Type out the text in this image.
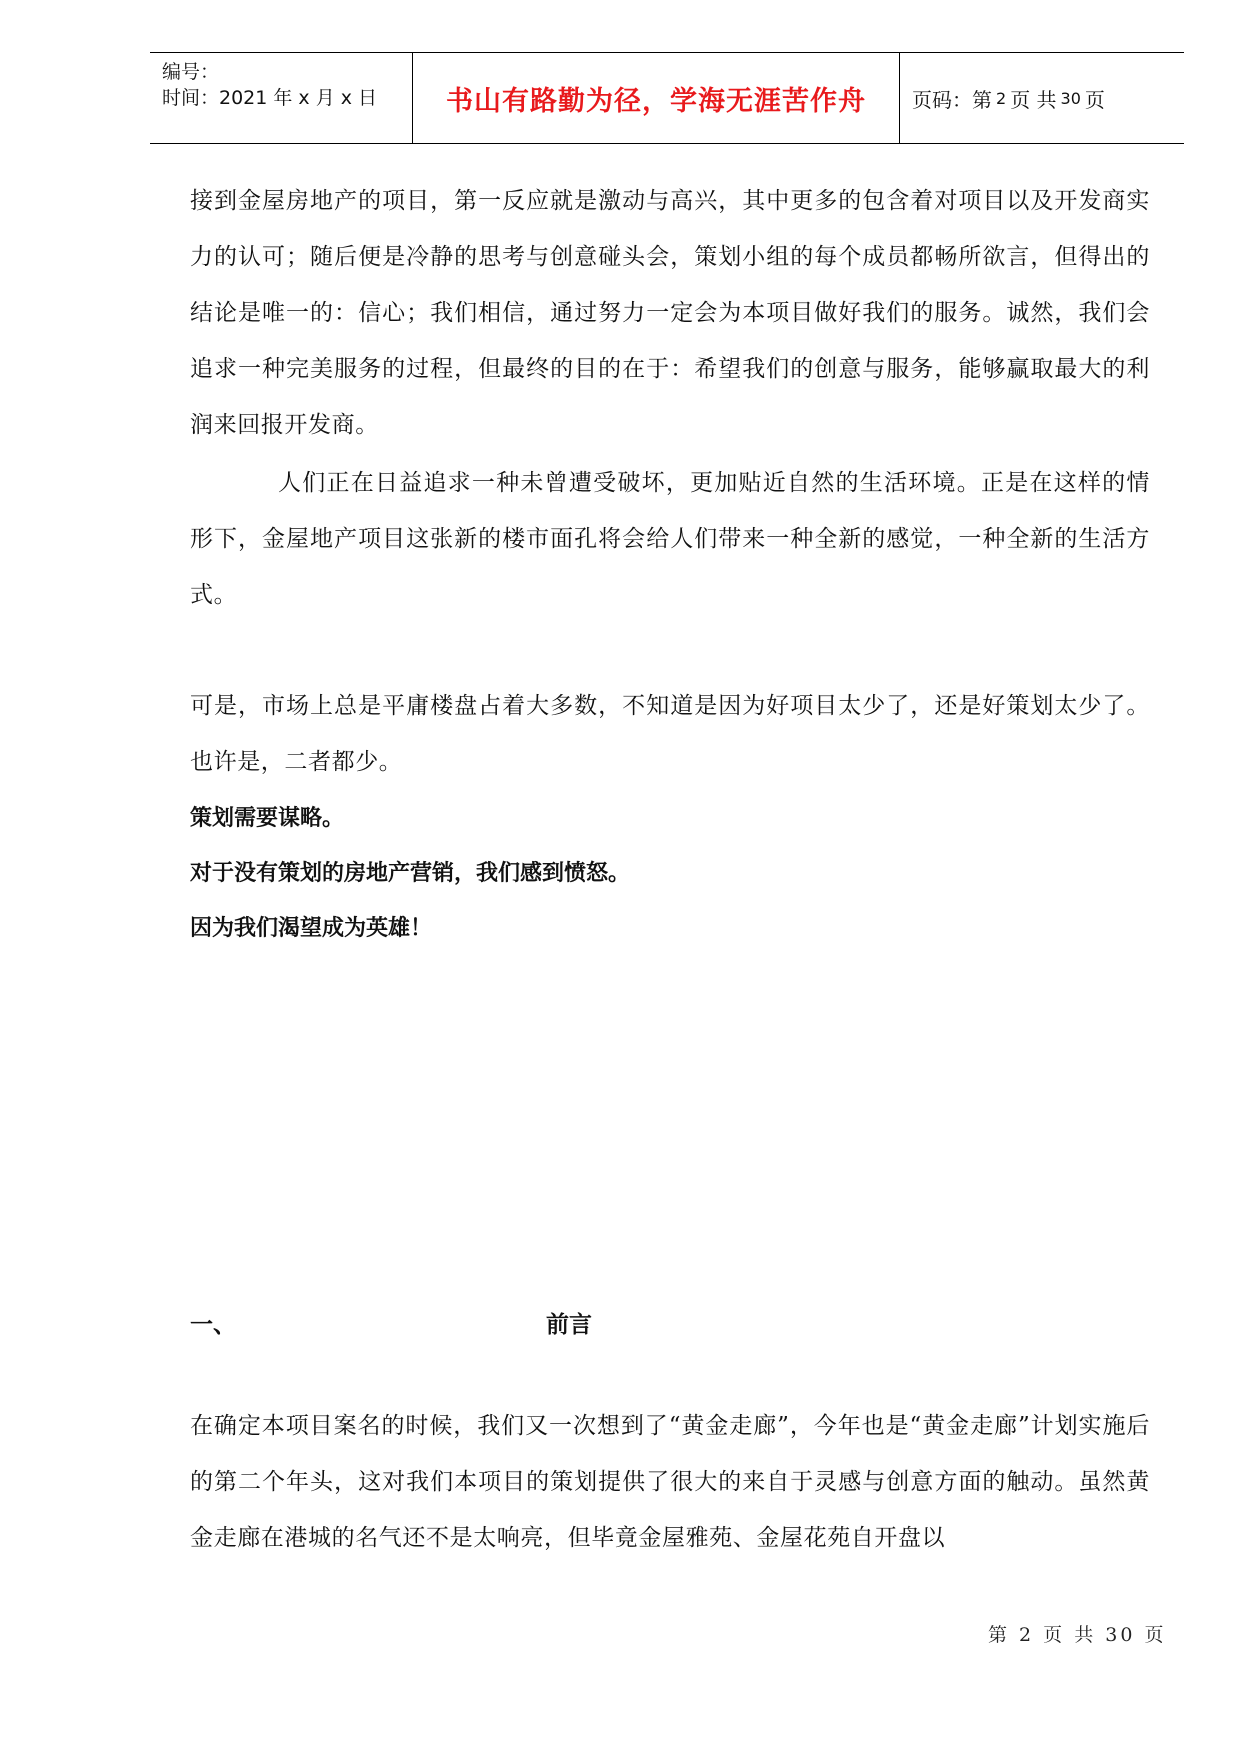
编号：
时间：2021 年 x 月 x 日	书山有路勤为径，学海无涯苦作舟 页码：第 2 页 共 30 页

接到金屋房地产的项目，第一反应就是激动与高兴，其中更多的包含着对项目以及开发商实力的认可；随后便是冷静的思考与创意碰头会，策划小组的每个成员都畅所欲言，但得出的结论是唯一的：信心；我们相信，通过努力一定会为本项目做好我们的服务。诚然，我们会追求一种完美服务的过程，但最终的目的在于：希望我们的创意与服务，能够赢取最大的利润来回报开发商。

人们正在日益追求一种未曾遭受破坏，更加贴近自然的生活环境。正是在这样的情形下，金屋地产项目这张新的楼市面孔将会给人们带来一种全新的感觉，一种全新的生活方式。

可是，市场上总是平庸楼盘占着大多数，不知道是因为好项目太少了，还是好策划太少了。也许是，二者都少。

策划需要谋略。

对于没有策划的房地产营销，我们感到愤怒。

因为我们渴望成为英雄！

一、	前言

在确定本项目案名的时候，我们又一次想到了“黄金走廊”，今年也是“黄金走廊”计划实施后的第二个年头，这对我们本项目的策划提供了很大的来自于灵感与创意方面的触动。虽然黄金走廊在港城的名气还不是太响亮，但毕竟金屋雅苑、金屋花苑自开盘以

第 2 页 共 30 页
